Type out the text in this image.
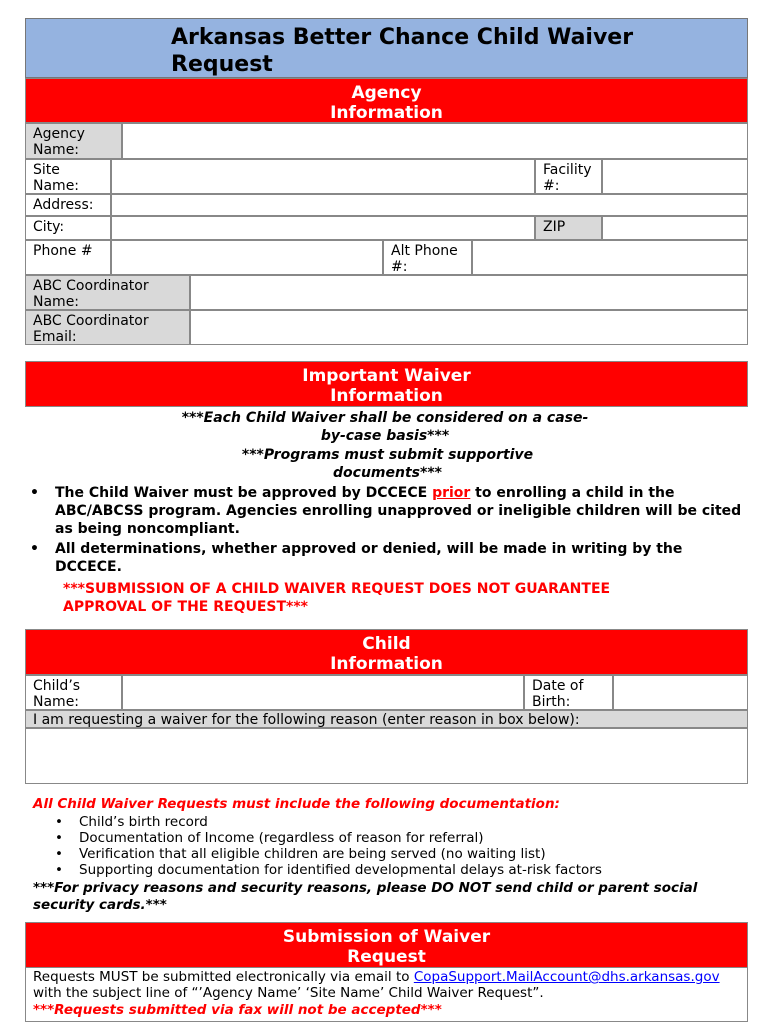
Arkansas Better Chance Child Waiver Request
Agency Information
Agency Name:
Site Name:
Facility #:
Address:
City:	ZIP
Phone #	Alt Phone #:
ABC Coordinator Name:
ABC Coordinator Email:
Important Waiver Information
***Each Child Waiver shall be considered on a case-by-case basis***
***Programs must submit supportive documents***
• The Child Waiver must be approved by DCCECE prior to enrolling a child in the ABC/ABCSS program. Agencies enrolling unapproved or ineligible children will be cited as being noncompliant.
• All determinations, whether approved or denied, will be made in writing by the DCCECE.
***SUBMISSION OF A CHILD WAIVER REQUEST DOES NOT GUARANTEE APPROVAL OF THE REQUEST***
Child Information
Child’s Name:
Date of Birth:
I am requesting a waiver for the following reason (enter reason in box below):
All Child Waiver Requests must include the following documentation:
• Child’s birth record
• Documentation of Income (regardless of reason for referral)
• Verification that all eligible children are being served (no waiting list)
• Supporting documentation for identified developmental delays at-risk factors
***For privacy reasons and security reasons, please DO NOT send child or parent social security cards.***
Submission of Waiver Request
Requests MUST be submitted electronically via email to CopaSupport.MailAccount@dhs.arkansas.gov
with the subject line of “’Agency Name’ ‘Site Name’ Child Waiver Request”.
***Requests submitted via fax will not be accepted***
